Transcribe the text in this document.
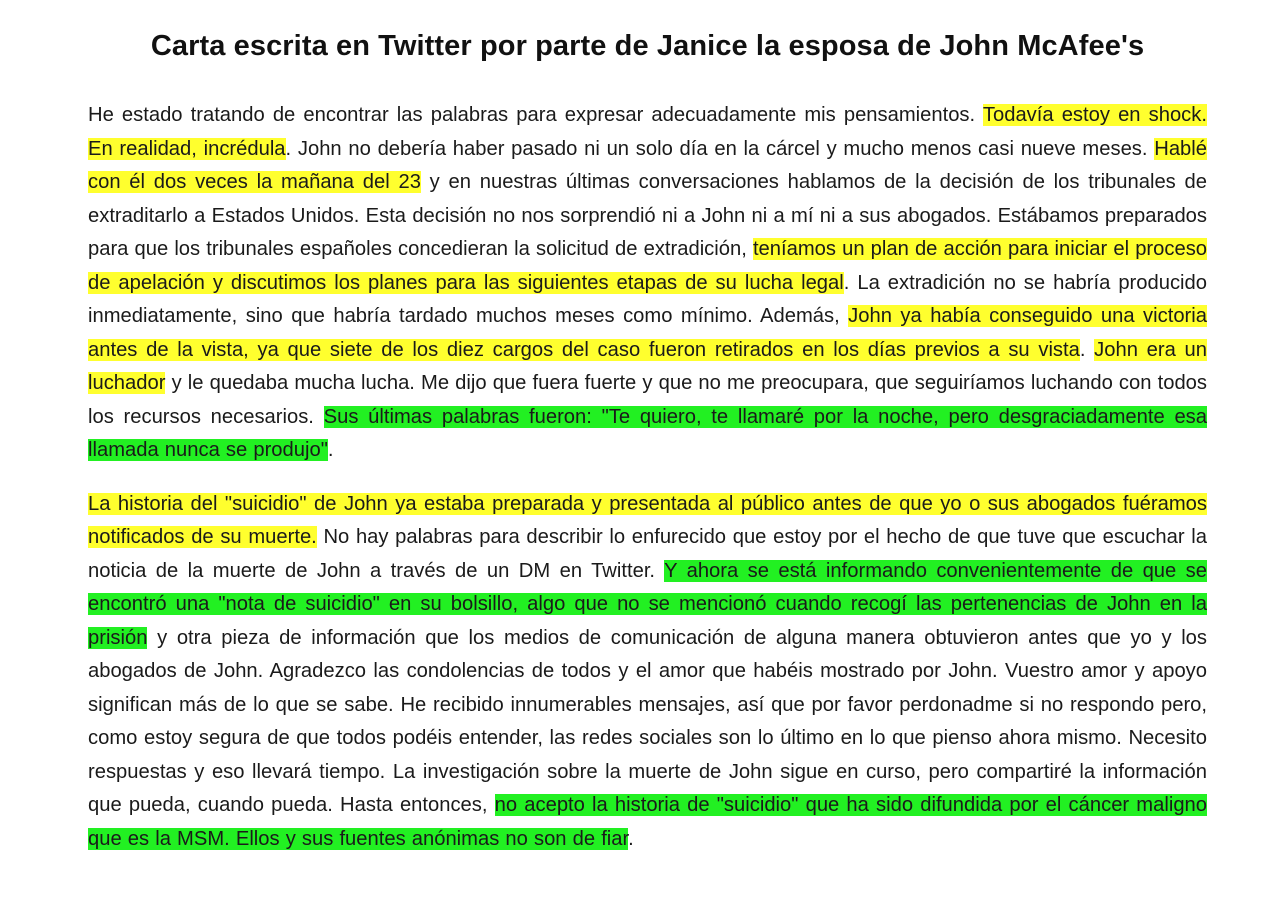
Carta escrita en Twitter por parte de Janice la esposa de John McAfee's

He estado tratando de encontrar las palabras para expresar adecuadamente mis pensamientos. Todavía estoy en shock. En realidad, incrédula. John no debería haber pasado ni un solo día en la cárcel y mucho menos casi nueve meses. Hablé con él dos veces la mañana del 23 y en nuestras últimas conversaciones hablamos de la decisión de los tribunales de extraditarlo a Estados Unidos. Esta decisión no nos sorprendió ni a John ni a mí ni a sus abogados. Estábamos preparados para que los tribunales españoles concedieran la solicitud de extradición, teníamos un plan de acción para iniciar el proceso de apelación y discutimos los planes para las siguientes etapas de su lucha legal. La extradición no se habría producido inmediatamente, sino que habría tardado muchos meses como mínimo. Además, John ya había conseguido una victoria antes de la vista, ya que siete de los diez cargos del caso fueron retirados en los días previos a su vista. John era un luchador y le quedaba mucha lucha. Me dijo que fuera fuerte y que no me preocupara, que seguiríamos luchando con todos los recursos necesarios. Sus últimas palabras fueron: "Te quiero, te llamaré por la noche, pero desgraciadamente esa llamada nunca se produjo".

La historia del "suicidio" de John ya estaba preparada y presentada al público antes de que yo o sus abogados fuéramos notificados de su muerte. No hay palabras para describir lo enfurecido que estoy por el hecho de que tuve que escuchar la noticia de la muerte de John a través de un DM en Twitter. Y ahora se está informando convenientemente de que se encontró una "nota de suicidio" en su bolsillo, algo que no se mencionó cuando recogí las pertenencias de John en la prisión y otra pieza de información que los medios de comunicación de alguna manera obtuvieron antes que yo y los abogados de John. Agradezco las condolencias de todos y el amor que habéis mostrado por John. Vuestro amor y apoyo significan más de lo que se sabe. He recibido innumerables mensajes, así que por favor perdonadme si no respondo pero, como estoy segura de que todos podéis entender, las redes sociales son lo último en lo que pienso ahora mismo. Necesito respuestas y eso llevará tiempo. La investigación sobre la muerte de John sigue en curso, pero compartiré la información que pueda, cuando pueda. Hasta entonces, no acepto la historia de "suicidio" que ha sido difundida por el cáncer maligno que es la MSM. Ellos y sus fuentes anónimas no son de fiar.
